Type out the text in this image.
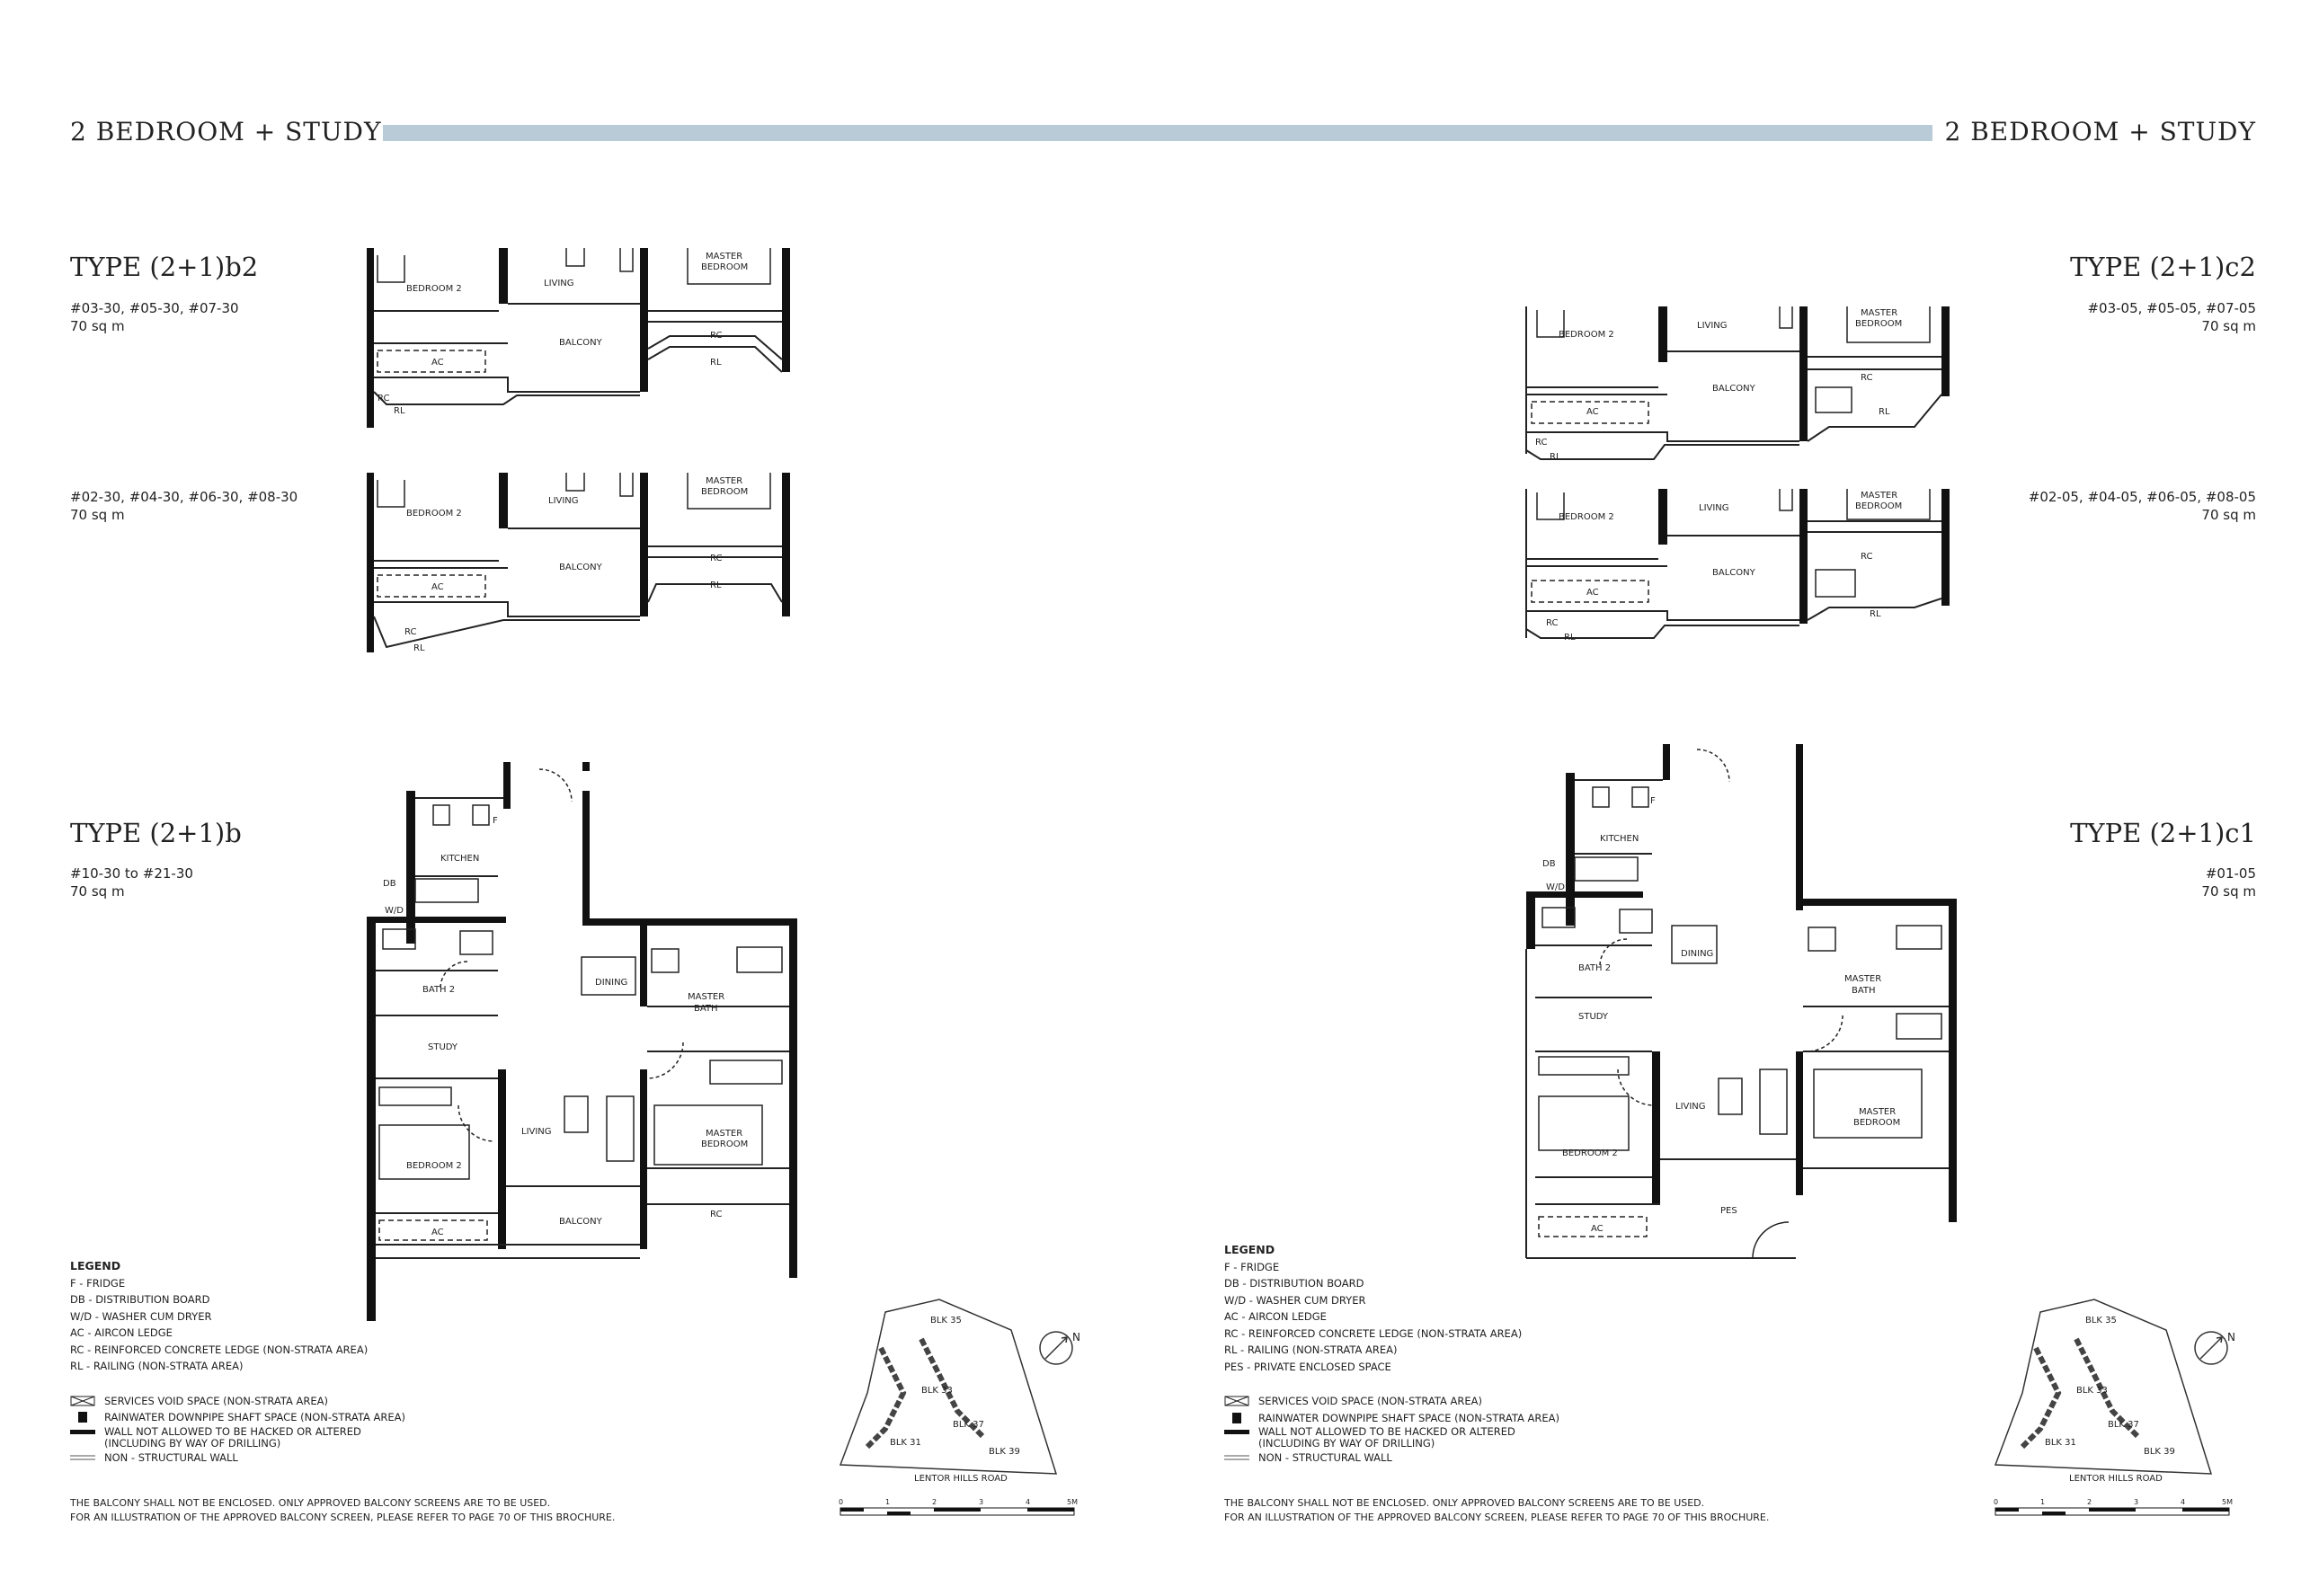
2 BEDROOM + STUDY	2 BEDROOM + STUDY
TYPE (2+1)b2
#03-30, #05-30, #07-30
70 sq m
#02-30, #04-30, #06-30, #08-30
70 sq m
TYPE (2+1)b
#10-30 to #21-30
70 sq m
TYPE (2+1)c2
#03-05, #05-05, #07-05
70 sq m
#02-05, #04-05, #06-05, #08-05
70 sq m
TYPE (2+1)c1
#01-05
70 sq m
BEDROOM 2
LIVING
MASTER
BEDROOM
BALCONY
AC
RC
RL
RC
RL
BEDROOM 2
LIVING
MASTER
BEDROOM
BALCONY
AC
RC
RL
RC
RL
KITCHEN
DB
W/D
F
BATH 2
DINING
MASTER
BATH
STUDY
LIVING	MASTER
BEDROOM
BEDROOM 2
BALCONY
RC
AC
BEDROOM 2
LIVING
MASTER
BEDROOM
BALCONY
AC
RC
RL
RC
RL
BEDROOM 2
LIVING
MASTER
BEDROOM
BALCONY
AC
RC
RL
RC
RL
KITCHEN
DB
W/D
F
BATH 2
DINING
MASTER
BATH
STUDY
LIVING
MASTER
BEDROOM
BEDROOM 2
PES
AC
LEGEND
F - FRIDGE
DB - DISTRIBUTION BOARD
W/D - WASHER CUM DRYER
AC - AIRCON LEDGE
RC - REINFORCED CONCRETE LEDGE (NON-STRATA AREA)
RL - RAILING (NON-STRATA AREA)
SERVICES VOID SPACE (NON-STRATA AREA)
RAINWATER DOWNPIPE SHAFT SPACE (NON-STRATA AREA)
WALL NOT ALLOWED TO BE HACKED OR ALTERED
(INCLUDING BY WAY OF DRILLING)
NON - STRUCTURAL WALL
THE BALCONY SHALL NOT BE ENCLOSED. ONLY APPROVED BALCONY SCREENS ARE TO BE USED.
FOR AN ILLUSTRATION OF THE APPROVED BALCONY SCREEN, PLEASE REFER TO PAGE 70 OF THIS BROCHURE.
LEGEND
F - FRIDGE
DB - DISTRIBUTION BOARD
W/D - WASHER CUM DRYER
AC - AIRCON LEDGE
RC - REINFORCED CONCRETE LEDGE (NON-STRATA AREA)
RL - RAILING (NON-STRATA AREA)
PES - PRIVATE ENCLOSED SPACE
SERVICES VOID SPACE (NON-STRATA AREA)
RAINWATER DOWNPIPE SHAFT SPACE (NON-STRATA AREA)
WALL NOT ALLOWED TO BE HACKED OR ALTERED
(INCLUDING BY WAY OF DRILLING)
NON - STRUCTURAL WALL
THE BALCONY SHALL NOT BE ENCLOSED. ONLY APPROVED BALCONY SCREENS ARE TO BE USED.
FOR AN ILLUSTRATION OF THE APPROVED BALCONY SCREEN, PLEASE REFER TO PAGE 70 OF THIS BROCHURE.
N
BLK 35
BLK 33
BLK 37
BLK 31
BLK 39
LENTOR HILLS ROAD
0	1	2	3	4	5M
N
BLK 35
BLK 33
BLK 37
BLK 31
BLK 39
LENTOR HILLS ROAD
0	1	2	3	4	5M
